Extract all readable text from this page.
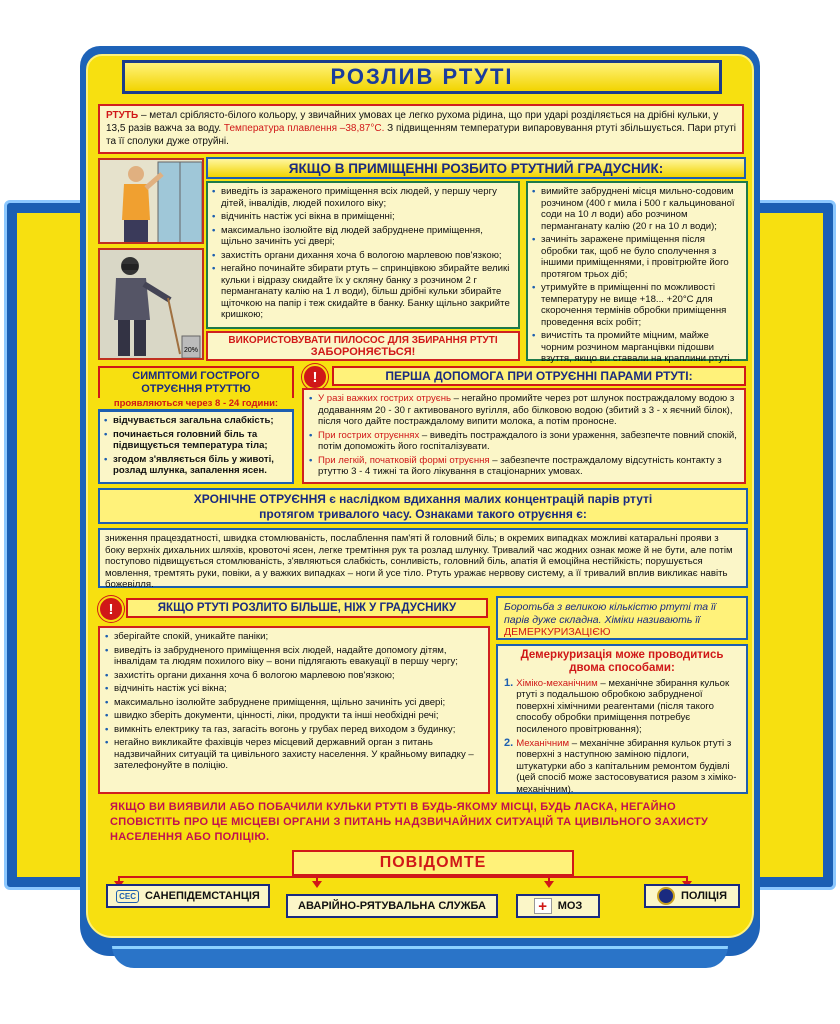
РОЗЛИВ РТУТІ
РТУТЬ – метал сріблясто-білого кольору, у звичайних умовах це легко рухома рідина, що при ударі розділяється на дрібні кульки, у 13,5 разів важча за воду. Температура плавлення –38,87°С. З підвищенням температури випаровування ртуті збільшується. Пари ртуті та її сполуки дуже отруйні.
20%
ЯКЩО В ПРИМІЩЕННІ РОЗБИТО РТУТНИЙ ГРАДУСНИК:
• виведіть із зараженого приміщення всіх людей, у першу чергу дітей, інвалідів, людей похилого віку;
• відчиніть настіж усі вікна в приміщенні;
• максимально ізолюйте від людей забруднене приміщення, щільно зачиніть усі двері;
• захистіть органи дихання хоча б вологою марлевою пов'язкою;
• негайно починайте збирати ртуть – спринцівкою збирайте великі кульки і відразу скидайте їх у скляну банку з розчином 2 г перманганату калію на 1 л води), більш дрібні кульки збирайте щіточкою на папір і теж скидайте в банку. Банку щільно закрийте кришкою;
• вимийте забруднені місця мильно-содовим розчином (400 г мила і 500 г кальцинованої соди на 10 л води) або розчином перманганату калію (20 г на 10 л води);
• зачиніть заражене приміщення після обробки так, щоб не було сполучення з іншими приміщеннями, і провітрюйте його протягом трьох діб;
• утримуйте в приміщенні по можливості температуру не вище +18... +20°С для скорочення термінів обробки приміщення проведення всіх робіт;
• вичистіть та промийте міцним, майже чорним розчином марганцівки підошви взуття, якщо ви ставали на краплини ртуті.
ВИКОРИСТОВУВАТИ ПИЛОСОС ДЛЯ ЗБИРАННЯ РТУТІ
ЗАБОРОНЯЄТЬСЯ!
СИМПТОМИ ГОСТРОГО
ОТРУЄННЯ РТУТТЮ
проявляються через 8 - 24 години:
• відчувається загальна слабкість;
• починається головний біль та підвищується температура тіла;
• згодом з'являється біль у животі, розлад шлунка, запалення ясен.
!	ПЕРША ДОПОМОГА ПРИ ОТРУЄННІ ПАРАМИ РТУТІ:
• У разі важких гострих отруєнь – негайно промийте через рот шлунок постраждалому водою з додаванням 20 - 30 г активованого вугілля, або білковою водою (збитий з 3 - х яєчний білок), після чого дайте постраждалому випити молока, а потім проносне.
• При гострих отруєннях – виведіть постраждалого із зони ураження, забезпечте повний спокій, потім допоможіть його госпіталізувати.
• При легкій, початковій формі отруєння – забезпечте постраждалому відсутність контакту з ртуттю 3 - 4 тижні та його лікування в стаціонарних умовах.
ХРОНІЧНЕ ОТРУЄННЯ є наслідком вдихання малих концентрацій парів ртуті
протягом тривалого часу. Ознаками такого отруєння є:
зниження працездатності, швидка стомлюваність, послаблення пам'яті й головний біль; в окремих випадках можливі катаральні прояви з боку верхніх дихальних шляхів, кровоточі ясен, легке тремтіння рук та розлад шлунку. Тривалий час жодних ознак може й не бути, але потім поступово підвищується стомлюваність, з'являються слабкість, сонливість, головний біль, апатія й емоційна нестійкість; порушується мовлення, тремтять руки, повіки, а у важких випадках – ноги й усе тіло. Ртуть уражає нервову систему, а її тривалий вплив викликає навіть божевілля.
!	ЯКЩО РТУТІ РОЗЛИТО БІЛЬШЕ, НІЖ У ГРАДУСНИКУ
• зберігайте спокій, уникайте паніки;
• виведіть із забрудненого приміщення всіх людей, надайте допомогу дітям, інвалідам та людям похилого віку – вони підлягають евакуації в першу чергу;
• захистіть органи дихання хоча б вологою марлевою пов'язкою;
• відчиніть настіж усі вікна;
• максимально ізолюйте забруднене приміщення, щільно зачиніть усі двері;
• швидко зберіть документи, цінності, ліки, продукти та інші необхідні речі;
• вимкніть електрику та газ, загасіть вогонь у грубах перед виходом з будинку;
• негайно викликайте фахівців через місцевий державний орган з питань надзвичайних ситуацій та цивільного захисту населення. У крайньому випадку – зателефонуйте в поліцію.
Боротьба з великою кількістю ртуті та її парів дуже складна. Хіміки називають її ДЕМЕРКУРИЗАЦІЄЮ
Демеркуризація може проводитись
двома способами:
1. Хіміко-механічним – механічне збирання кульок ртуті з подальшою обробкою забрудненої поверхні хімічними реагентами (після такого способу обробки приміщення потребує посиленого провітрювання);
2. Механічним – механічне збирання кульок ртуті з поверхні з наступною заміною підлоги, штукатурки або з капітальним ремонтом будівлі (цей спосіб може застосовуватися разом з хіміко-механічним).
ЯКЩО ВИ ВИЯВИЛИ АБО ПОБАЧИЛИ КУЛЬКИ РТУТІ В БУДЬ-ЯКОМУ МІСЦІ, БУДЬ ЛАСКА, НЕГАЙНО СПОВІСТІТЬ ПРО ЦЕ МІСЦЕВІ ОРГАНИ З ПИТАНЬ НАДЗВИЧАЙНИХ СИТУАЦІЙ ТА ЦИВІЛЬНОГО ЗАХИСТУ НАСЕЛЕННЯ АБО ПОЛІЦІЮ.
ПОВІДОМТЕ
СЕС САНЕПІДЕМСТАНЦІЯ
АВАРІЙНО-РЯТУВАЛЬНА СЛУЖБА	+ МОЗ
ПОЛІЦІЯ
